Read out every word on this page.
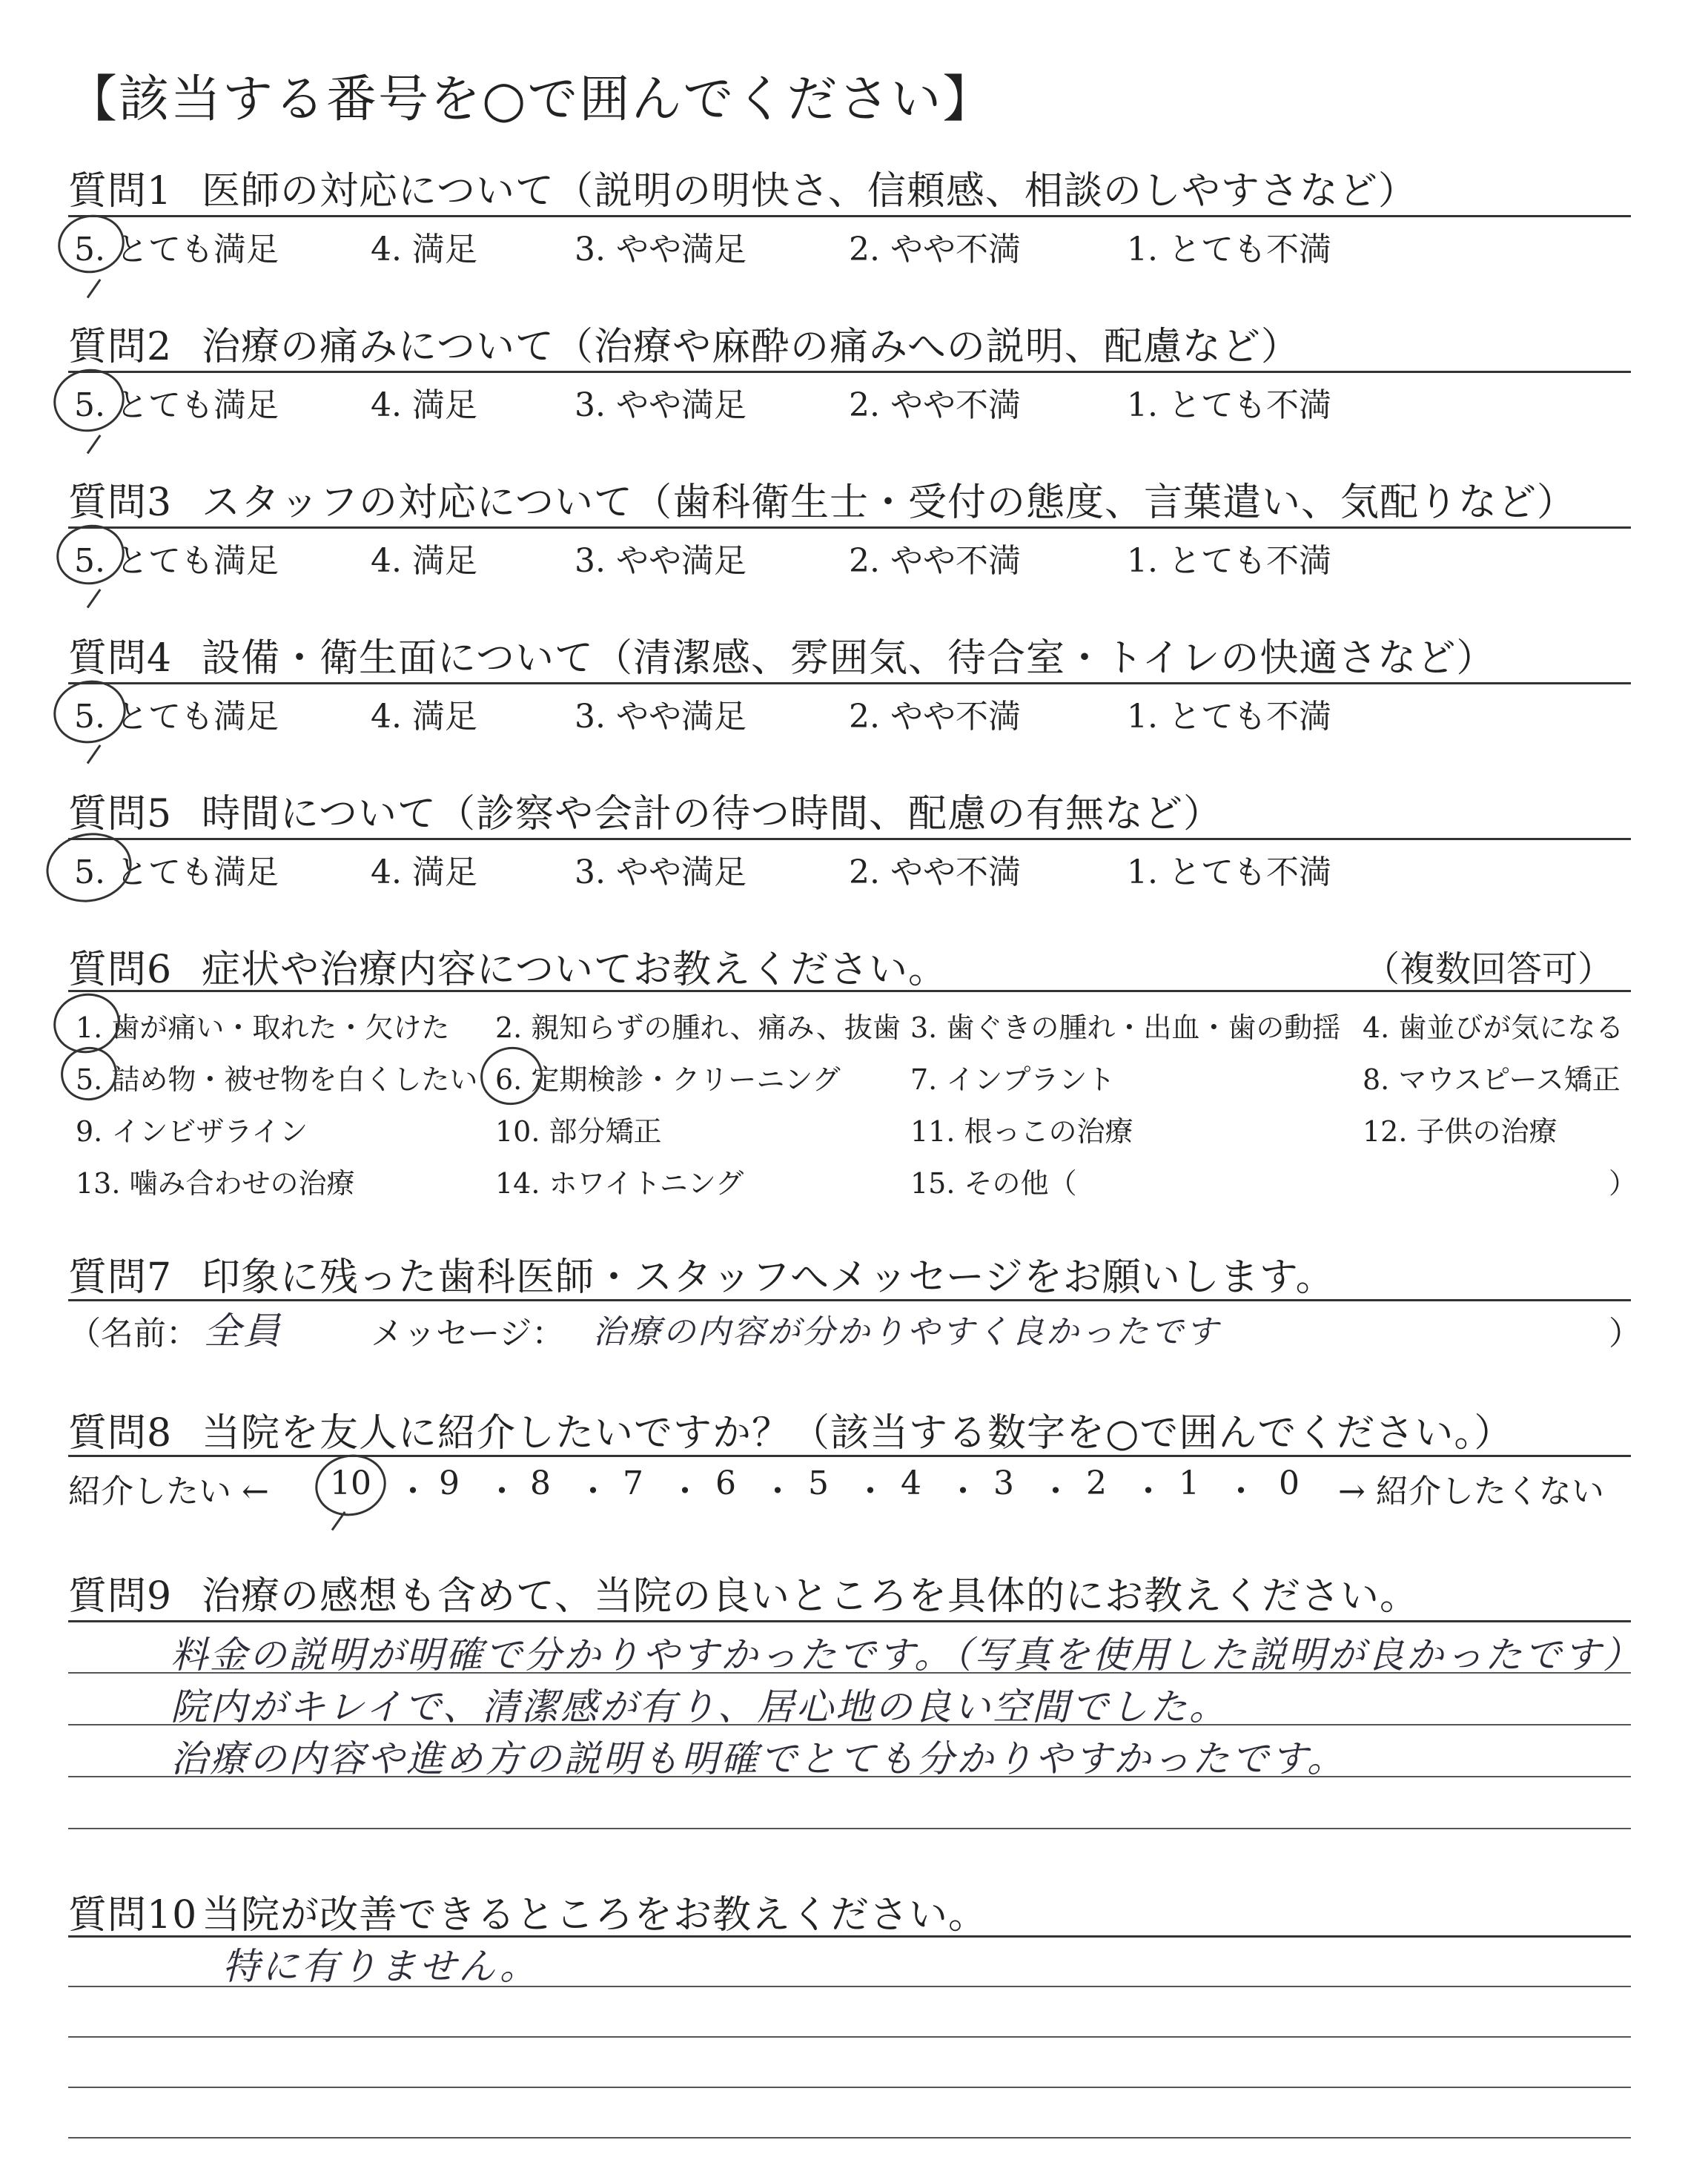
【該当する番号を○で囲んでください】
質問1 医師の対応について（説明の明快さ、信頼感、相談のしやすさなど）
5. とても満足	4. 満足	3. やや満足	2. やや不満	1. とても不満
質問2 治療の痛みについて（治療や麻酔の痛みへの説明、配慮など）
5. とても満足	4. 満足	3. やや満足	2. やや不満	1. とても不満
質問3 スタッフの対応について（歯科衛生士・受付の態度、言葉遣い、気配りなど）
5. とても満足	4. 満足	3. やや満足	2. やや不満	1. とても不満
質問4 設備・衛生面について（清潔感、雰囲気、待合室・トイレの快適さなど）
5. とても満足	4. 満足	3. やや満足	2. やや不満	1. とても不満
質問5 時間について（診察や会計の待つ時間、配慮の有無など）
5. とても満足	4. 満足	3. やや満足	2. やや不満	1. とても不満
質問6 症状や治療内容についてお教えください。	（複数回答可）
1. 歯が痛い・取れた・欠けた 2. 親知らずの腫れ、痛み、抜歯 3. 歯ぐきの腫れ・出血・歯の動揺 4. 歯並びが気になる
5. 詰め物・被せ物を白くしたい 6. 定期検診・クリーニング 7. インプラント	8. マウスピース矯正
9. インビザライン	10. 部分矯正	11. 根っこの治療	12. 子供の治療
13. 噛み合わせの治療	14. ホワイトニング	15. その他（	）
質問7 印象に残った歯科医師・スタッフへメッセージをお願いします。
（名前： 全員	メッセージ： 治療の内容が分かりやすく良かったです	）
質問8 当院を友人に紹介したいですか？（該当する数字を○で囲んでください。）
紹介したい ← 10 ・ 9 ・ 8 ・ 7 ・ 6 ・ 5 ・ 4 ・ 3 ・ 2 ・ 1 ・ 0 → 紹介したくない
質問9 治療の感想も含めて、当院の良いところを具体的にお教えください。
料金の説明が明確で分かりやすかったです。（写真を使用した説明が良かったです）
院内がキレイで、清潔感が有り、居心地の良い空間でした。
治療の内容や進め方の説明も明確でとても分かりやすかったです。
質問10 当院が改善できるところをお教えください。
特に有りません。
